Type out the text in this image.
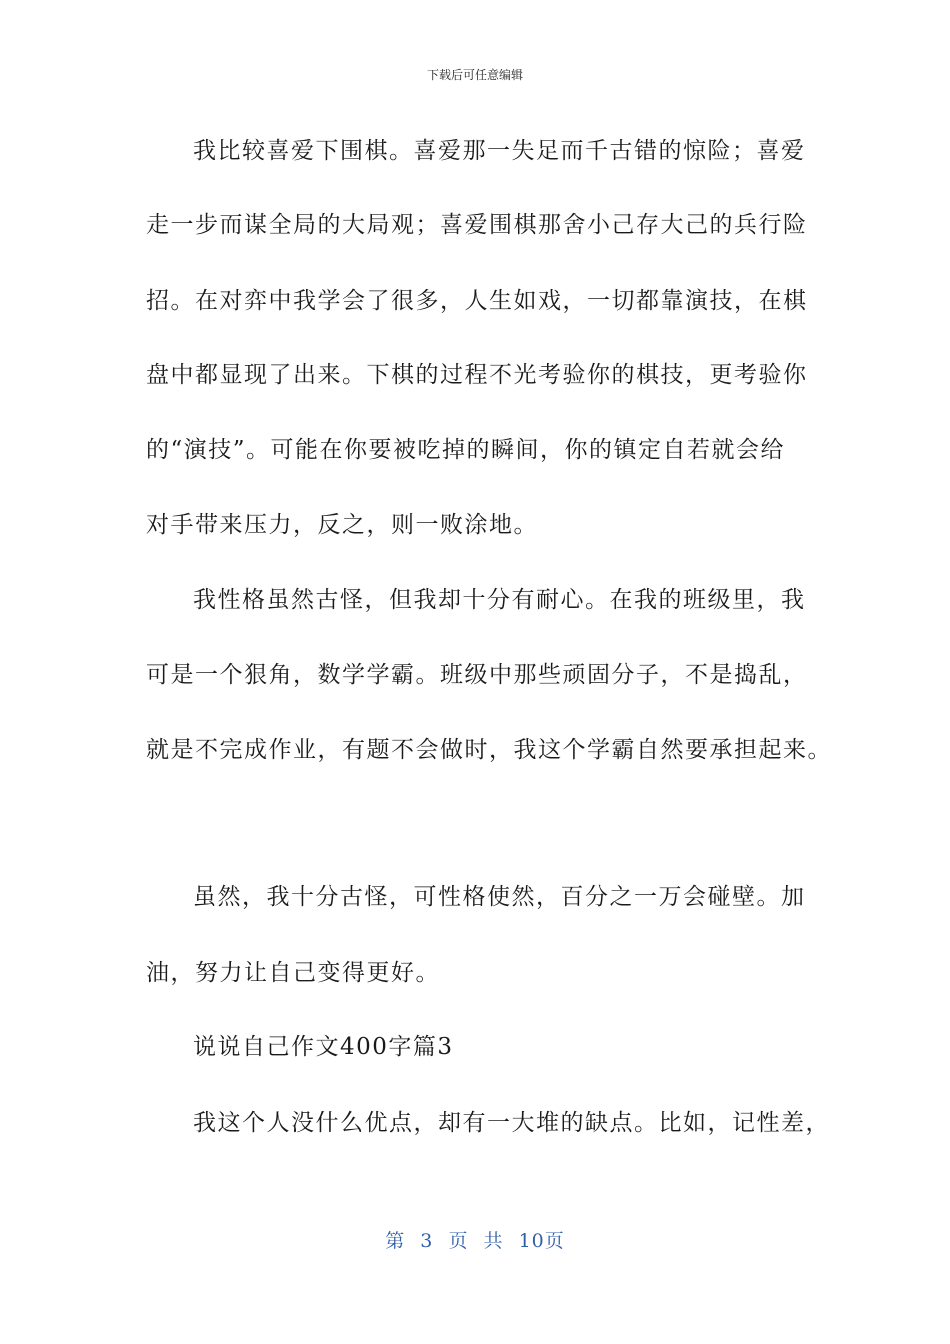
下载后可任意编辑
我比较喜爱下围棋。喜爱那一失足而千古错的惊险；喜爱
走一步而谋全局的大局观；喜爱围棋那舍小己存大己的兵行险
招。在对弈中我学会了很多，人生如戏，一切都靠演技，在棋
盘中都显现了出来。下棋的过程不光考验你的棋技，更考验你
的“演技”。可能在你要被吃掉的瞬间，你的镇定自若就会给
对手带来压力，反之，则一败涂地。
我性格虽然古怪，但我却十分有耐心。在我的班级里，我
可是一个狠角，数学学霸。班级中那些顽固分子，不是捣乱，
就是不完成作业，有题不会做时，我这个学霸自然要承担起来。
虽然，我十分古怪，可性格使然，百分之一万会碰壁。加
油，努力让自己变得更好。
说说自己作文400字篇3
我这个人没什么优点，却有一大堆的缺点。比如，记性差，
第 3 页 共 10页
